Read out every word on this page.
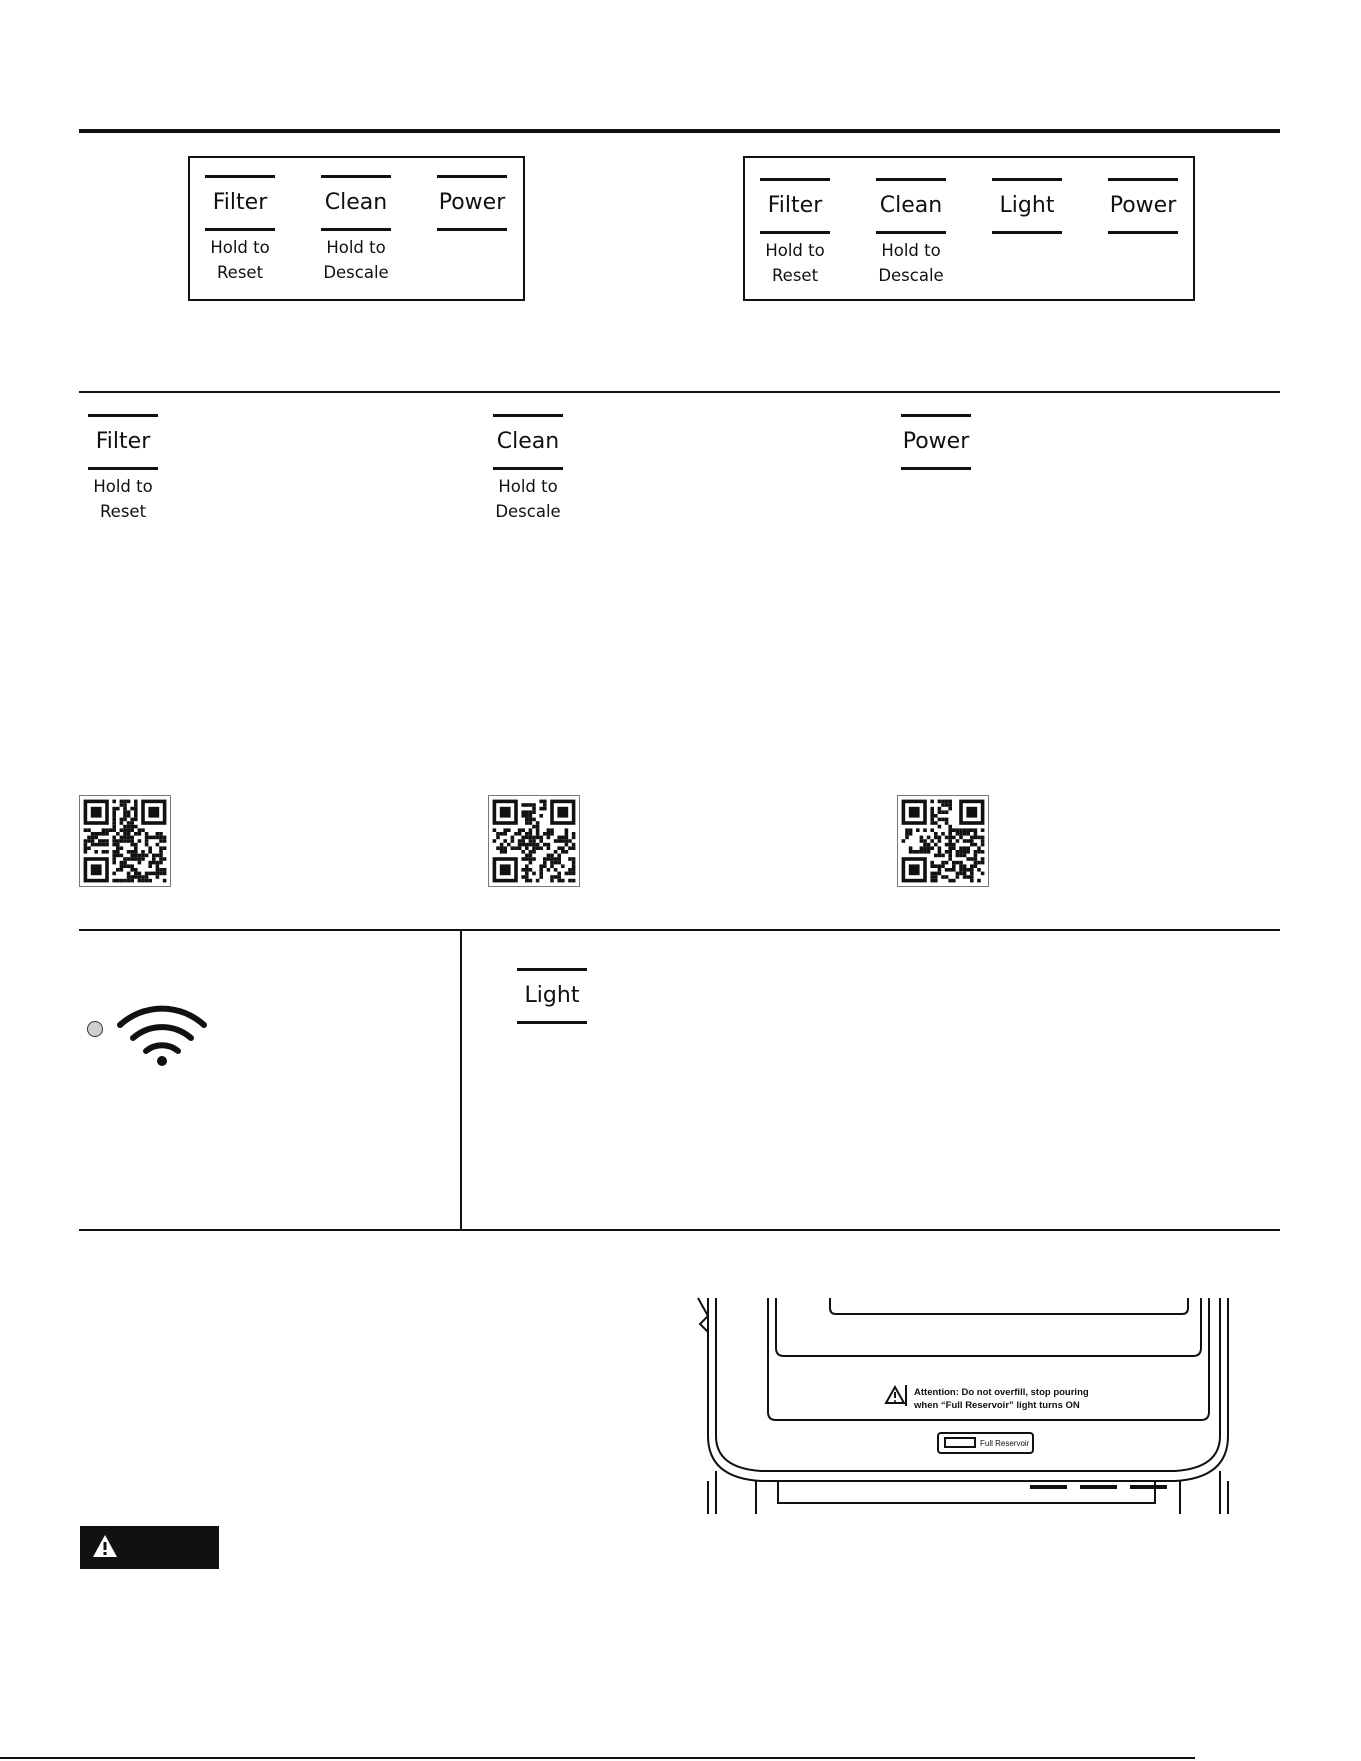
Filter
Hold to
Reset
Clean
Hold to
Descale
Power	Filter
Hold to
Reset
Clean
Hold to
Descale
Light	Power
Filter
Hold to
Reset
Clean
Hold to
Descale
Power
Light
Attention: Do not overfill, stop pouring
when “Full Reservoir” light turns ON
Full Reservoir
